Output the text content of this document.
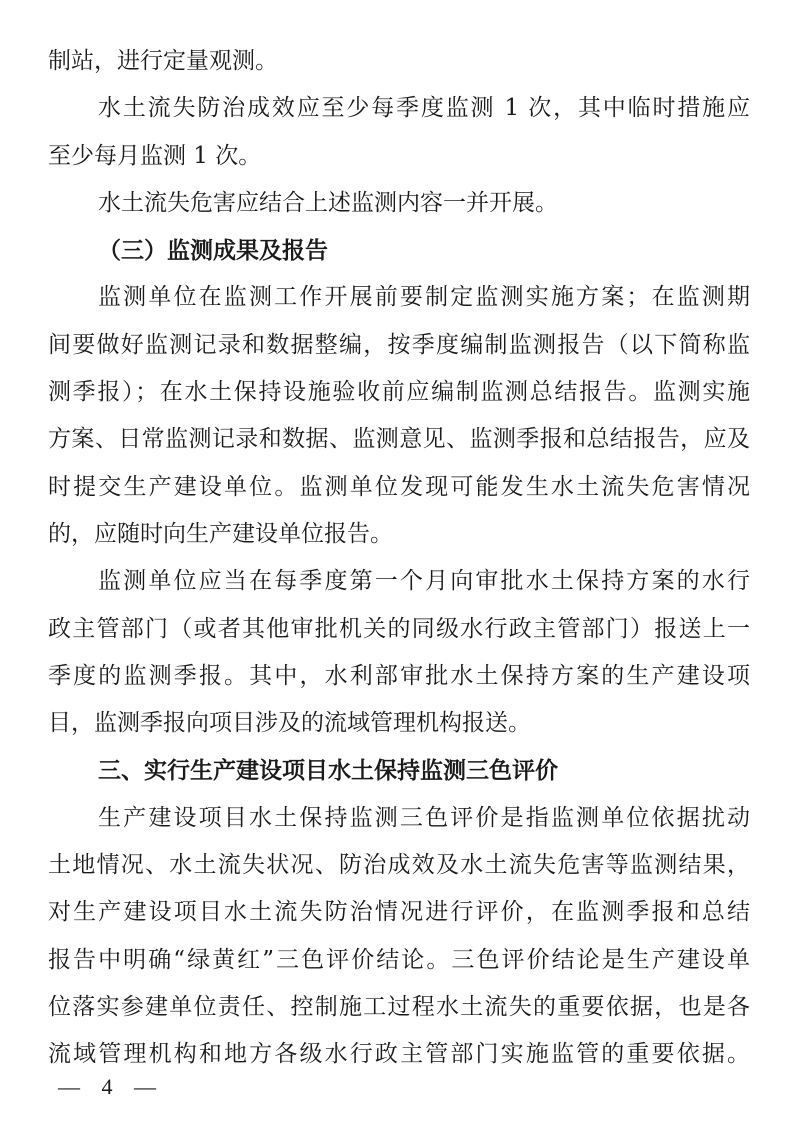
制站，进行定量观测。
水土流失防治成效应至少每季度监测 1 次，其中临时措施应
至少每月监测 1 次。
水土流失危害应结合上述监测内容一并开展。
（三）监测成果及报告
监测单位在监测工作开展前要制定监测实施方案；在监测期
间要做好监测记录和数据整编，按季度编制监测报告（以下简称监
测季报）；在水土保持设施验收前应编制监测总结报告。监测实施
方案、日常监测记录和数据、监测意见、监测季报和总结报告，应及
时提交生产建设单位。监测单位发现可能发生水土流失危害情况
的，应随时向生产建设单位报告。
监测单位应当在每季度第一个月向审批水土保持方案的水行
政主管部门（或者其他审批机关的同级水行政主管部门）报送上一
季度的监测季报。其中，水利部审批水土保持方案的生产建设项
目，监测季报向项目涉及的流域管理机构报送。
三、实行生产建设项目水土保持监测三色评价
生产建设项目水土保持监测三色评价是指监测单位依据扰动
土地情况、水土流失状况、防治成效及水土流失危害等监测结果，
对生产建设项目水土流失防治情况进行评价，在监测季报和总结
报告中明确“绿黄红”三色评价结论。三色评价结论是生产建设单
位落实参建单位责任、控制施工过程水土流失的重要依据，也是各
流域管理机构和地方各级水行政主管部门实施监管的重要依据。
— 4 —
